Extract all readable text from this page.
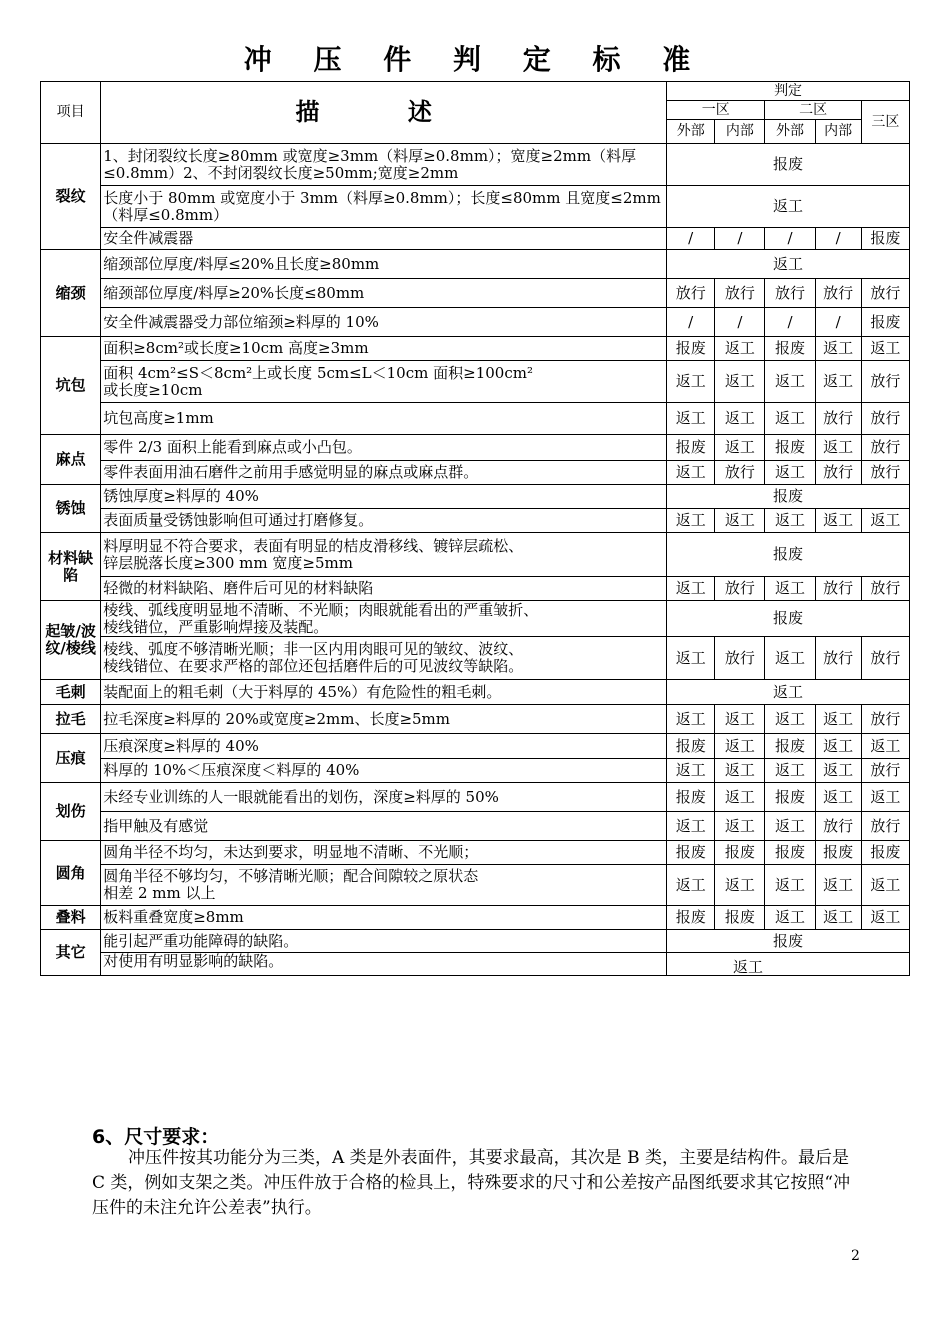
冲 压 件 判 定 标 准
项目	描 述	判定				
		一区		二区		三区
		外部	内部	外部	内部	
裂纹	1、封闭裂纹长度≥80mm 或宽度≥3mm（料厚≥0.8mm）；宽度≥2mm（料厚≤0.8mm）2、不封闭裂纹长度≥50mm;宽度≥2mm	报废				
	长度小于 80mm 或宽度小于 3mm（料厚≥0.8mm）；长度≤80mm 且宽度≤2mm（料厚≤0.8mm）	返工				
	安全件减震器	/	/	/	/	报废
缩颈	缩颈部位厚度/料厚≤20%且长度≥80mm	返工				
	缩颈部位厚度/料厚≥20%长度≤80mm	放行	放行	放行	放行	放行
	安全件减震器受力部位缩颈≥料厚的 10%	/	/	/	/	报废
坑包	面积≥8cm²或长度≥10cm 高度≥3mm	报废	返工	报废	返工	返工

	面积 4cm²≤S＜8cm²上或长度 5cm≤L＜10cm 面积≥100cm²
或长度≥10cm	返工	返工	返工	返工	放行
	坑包高度≥1mm	返工	返工	返工	放行	放行
麻点	零件 2/3 面积上能看到麻点或小凸包。	报废	返工	报废	返工	放行
	零件表面用油石磨件之前用手感觉明显的麻点或麻点群。	返工	放行	返工	放行	放行
锈蚀	锈蚀厚度≥料厚的 40%	报废				
	表面质量受锈蚀影响但可通过打磨修复。	返工	返工	返工	返工	返工
材料缺陷	料厚明显不符合要求，表面有明显的桔皮滑移线、镀锌层疏松、
锌层脱落长度≥300 mm 宽度≥5mm	报废				
	轻微的材料缺陷、磨件后可见的材料缺陷	返工	放行	返工	放行	放行
起皱/波纹/棱线	棱线、弧线度明显地不清晰、不光顺；肉眼就能看出的严重皱折、
棱线错位，严重影响焊接及装配。	报废				

	棱线、弧度不够清晰光顺；非一区内用肉眼可见的皱纹、波纹、
棱线错位、在要求严格的部位还包括磨件后的可见波纹等缺陷。	返工	放行	返工	放行	放行
毛刺	装配面上的粗毛刺（大于料厚的 45%）有危险性的粗毛刺。	返工				
拉毛	拉毛深度≥料厚的 20%或宽度≥2mm、长度≥5mm	返工	返工	返工	返工	放行
压痕	压痕深度≥料厚的 40%	报废	返工	报废	返工	返工
	料厚的 10%＜压痕深度＜料厚的 40%	返工	返工	返工	返工	放行
划伤	未经专业训练的人一眼就能看出的划伤，深度≥料厚的 50%	报废	返工	报废	返工	返工
	指甲触及有感觉	返工	返工	返工	放行	放行
圆角	圆角半径不均匀，未达到要求，明显地不清晰、不光顺；	报废	报废	报废	报废	报废

	圆角半径不够均匀，不够清晰光顺；配合间隙较之原状态
相差 2 mm 以上	返工	返工	返工	返工	返工
叠料	板料重叠宽度≥8mm	报废	报废	返工	返工	返工
其它	能引起严重功能障碍的缺陷。	报废				
	对使用有明显影响的缺陷。	返工				
6、尺寸要求：
冲压件按其功能分为三类，A 类是外表面件，其要求最高，其次是 B 类，主要是结构件。最后是 C 类，例如支架之类。冲压件放于合格的检具上，特殊要求的尺寸和公差按产品图纸要求其它按照“冲压件的未注允许公差表”执行。
2
